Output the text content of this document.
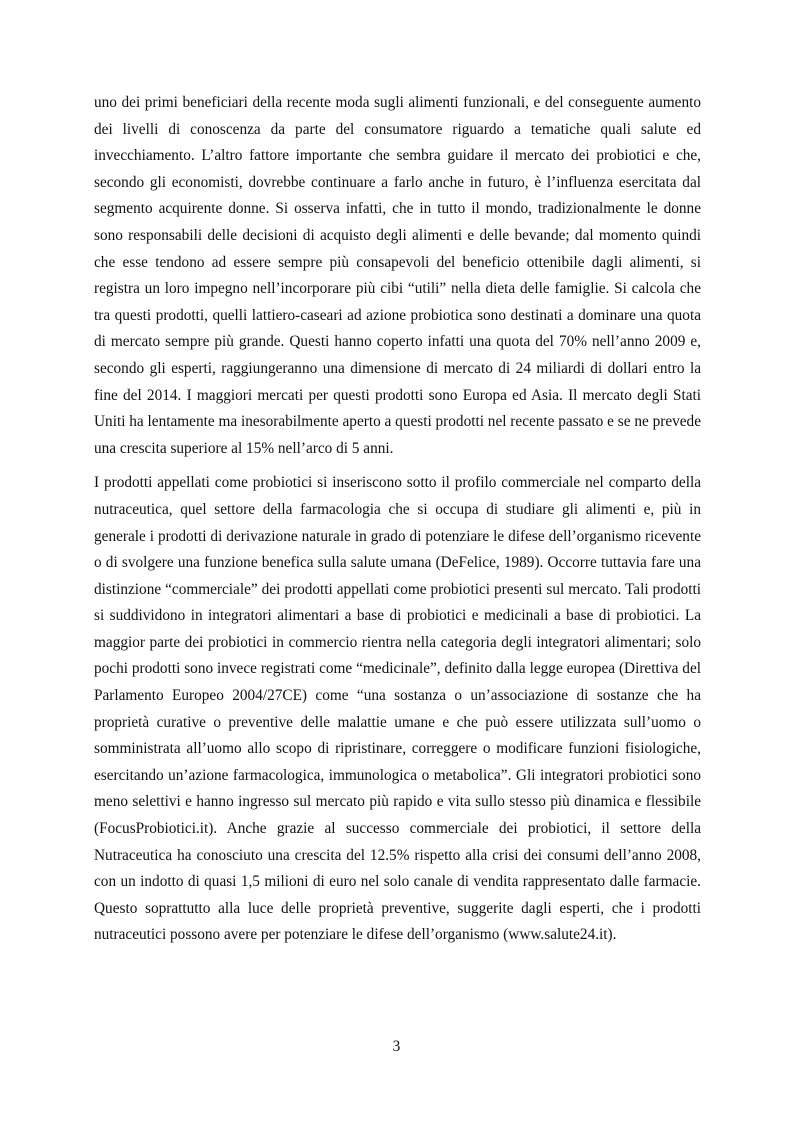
uno dei primi beneficiari della recente moda sugli alimenti funzionali, e del conseguente aumento dei livelli di conoscenza da parte del consumatore riguardo a tematiche quali salute ed invecchiamento. L’altro fattore importante che sembra guidare il mercato dei probiotici e che, secondo gli economisti, dovrebbe continuare a farlo anche in futuro, è l’influenza esercitata dal segmento acquirente donne. Si osserva infatti, che in tutto il mondo, tradizionalmente le donne sono responsabili delle decisioni di acquisto degli alimenti e delle bevande; dal momento quindi che esse tendono ad essere sempre più consapevoli del beneficio ottenibile dagli alimenti, si registra un loro impegno nell’incorporare più cibi “utili” nella dieta delle famiglie. Si calcola che tra questi prodotti, quelli lattiero-caseari ad azione probiotica sono destinati a dominare una quota di mercato sempre più grande. Questi hanno coperto infatti una quota del 70% nell’anno 2009 e, secondo gli esperti, raggiungeranno una dimensione di mercato di 24 miliardi di dollari entro la fine del 2014. I maggiori mercati per questi prodotti sono Europa ed Asia. Il mercato degli Stati Uniti ha lentamente ma inesorabilmente aperto a questi prodotti nel recente passato e se ne prevede una crescita superiore al 15% nell’arco di 5 anni.

I prodotti appellati come probiotici si inseriscono sotto il profilo commerciale nel comparto della nutraceutica, quel settore della farmacologia che si occupa di studiare gli alimenti e, più in generale i prodotti di derivazione naturale in grado di potenziare le difese dell’organismo ricevente o di svolgere una funzione benefica sulla salute umana (DeFelice, 1989). Occorre tuttavia fare una distinzione “commerciale” dei prodotti appellati come probiotici presenti sul mercato. Tali prodotti si suddividono in integratori alimentari a base di probiotici e medicinali a base di probiotici. La maggior parte dei probiotici in commercio rientra nella categoria degli integratori alimentari; solo pochi prodotti sono invece registrati come “medicinale”, definito dalla legge europea (Direttiva del Parlamento Europeo 2004/27CE) come “una sostanza o un’associazione di sostanze che ha proprietà curative o preventive delle malattie umane e che può essere utilizzata sull’uomo o somministrata all’uomo allo scopo di ripristinare, correggere o modificare funzioni fisiologiche, esercitando un’azione farmacologica, immunologica o metabolica”. Gli integratori probiotici sono meno selettivi e hanno ingresso sul mercato più rapido e vita sullo stesso più dinamica e flessibile (FocusProbiotici.it). Anche grazie al successo commerciale dei probiotici, il settore della Nutraceutica ha conosciuto una crescita del 12.5% rispetto alla crisi dei consumi dell’anno 2008, con un indotto di quasi 1,5 milioni di euro nel solo canale di vendita rappresentato dalle farmacie. Questo soprattutto alla luce delle proprietà preventive, suggerite dagli esperti, che i prodotti nutraceutici possono avere per potenziare le difese dell’organismo (www.salute24.it).

3
